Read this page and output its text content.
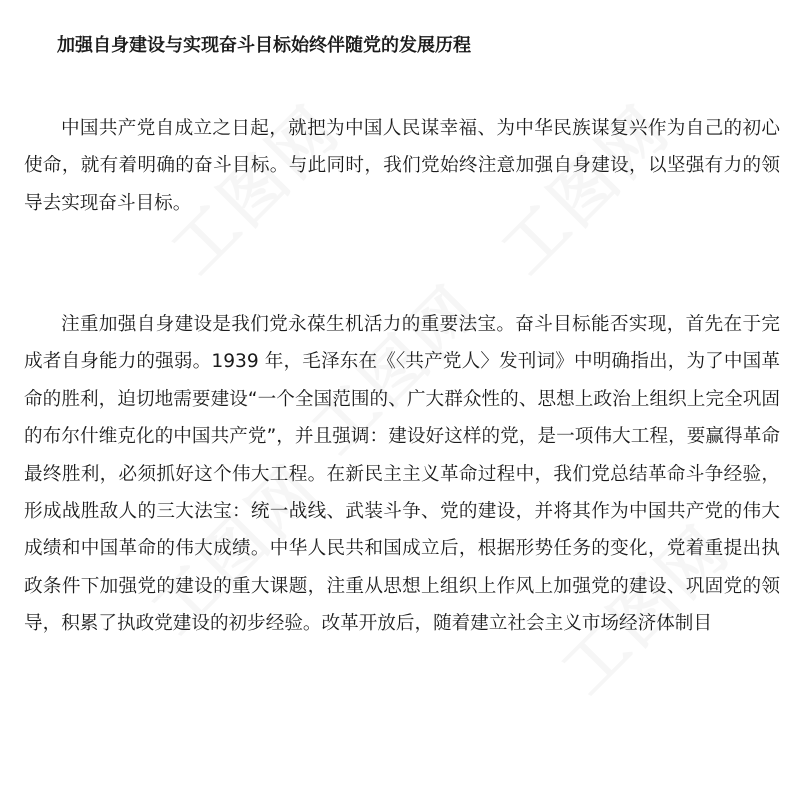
加强自身建设与实现奋斗目标始终伴随党的发展历程

中国共产党自成立之日起，就把为中国人民谋幸福、为中华民族谋复兴作为自己的初心使命，就有着明确的奋斗目标。与此同时，我们党始终注意加强自身建设，以坚强有力的领导去实现奋斗目标。

注重加强自身建设是我们党永葆生机活力的重要法宝。奋斗目标能否实现，首先在于完成者自身能力的强弱。1939 年，毛泽东在《〈共产党人〉发刊词》中明确指出，为了中国革命的胜利，迫切地需要建设“一个全国范围的、广大群众性的、思想上政治上组织上完全巩固的布尔什维克化的中国共产党”，并且强调：建设好这样的党，是一项伟大工程，要赢得革命最终胜利，必须抓好这个伟大工程。在新民主主义革命过程中，我们党总结革命斗争经验，形成战胜敌人的三大法宝：统一战线、武装斗争、党的建设，并将其作为中国共产党的伟大成绩和中国革命的伟大成绩。中华人民共和国成立后，根据形势任务的变化，党着重提出执政条件下加强党的建设的重大课题，注重从思想上组织上作风上加强党的建设、巩固党的领导，积累了执政党建设的初步经验。改革开放后，随着建立社会主义市场经济体制目
